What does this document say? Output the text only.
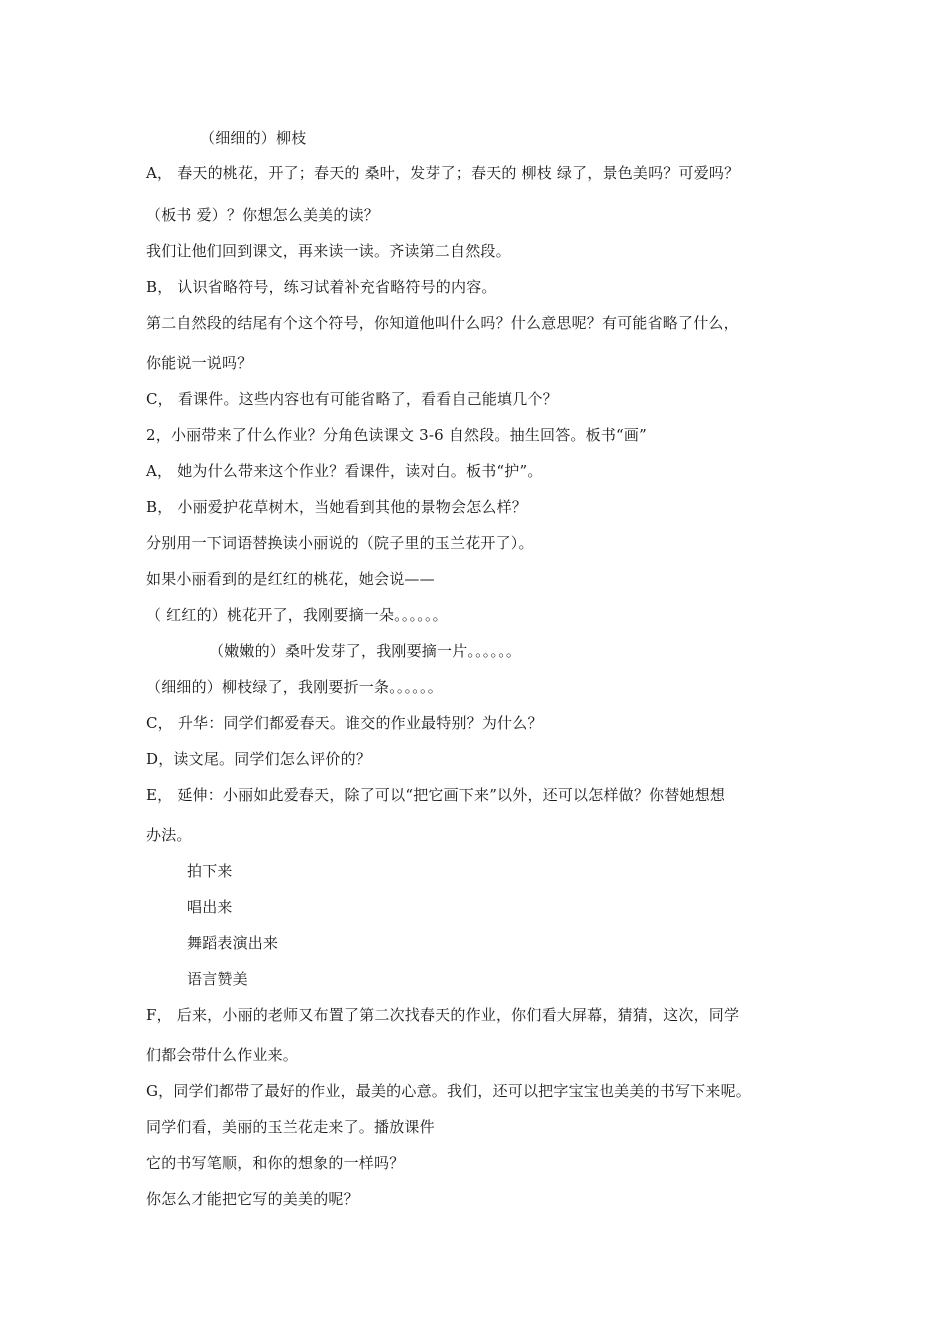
（细细的）柳枝
A， 春天的桃花，开了；春天的 桑叶，发芽了；春天的 柳枝 绿了，景色美吗？可爱吗？
（板书 爱）？你想怎么美美的读？
我们让他们回到课文，再来读一读。齐读第二自然段。
B， 认识省略符号，练习试着补充省略符号的内容。
第二自然段的结尾有个这个符号，你知道他叫什么吗？什么意思呢？有可能省略了什么，
你能说一说吗？
C， 看课件。这些内容也有可能省略了，看看自己能填几个？
2，小丽带来了什么作业？分角色读课文 3-6 自然段。抽生回答。板书“画”
A， 她为什么带来这个作业？看课件，读对白。板书“护”。
B， 小丽爱护花草树木，当她看到其他的景物会怎么样？
分别用一下词语替换读小丽说的（院子里的玉兰花开了）。
如果小丽看到的是红红的桃花，她会说——
（ 红红的）桃花开了，我刚要摘一朵。。。。。。
（嫩嫩的）桑叶发芽了，我刚要摘一片。。。。。。
（细细的）柳枝绿了，我刚要折一条。。。。。。
C， 升华：同学们都爱春天。谁交的作业最特别？为什么？
D，读文尾。同学们怎么评价的？
E， 延伸：小丽如此爱春天，除了可以“把它画下来”以外，还可以怎样做？你替她想想
办法。
拍下来
唱出来
舞蹈表演出来
语言赞美
F， 后来，小丽的老师又布置了第二次找春天的作业，你们看大屏幕，猜猜，这次，同学
们都会带什么作业来。
G，同学们都带了最好的作业，最美的心意。我们，还可以把字宝宝也美美的书写下来呢。
同学们看，美丽的玉兰花走来了。播放课件
它的书写笔顺，和你的想象的一样吗？
你怎么才能把它写的美美的呢？
